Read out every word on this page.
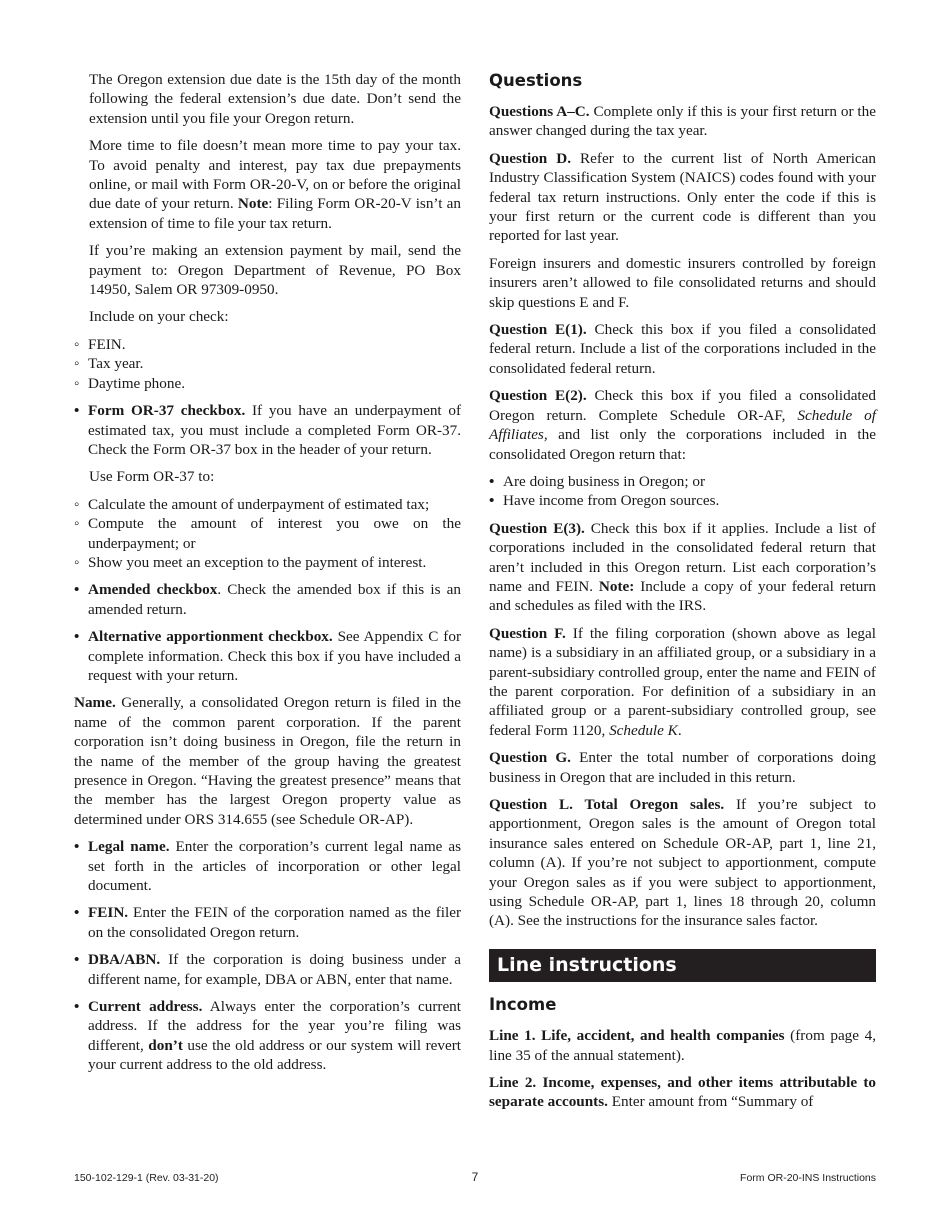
The Oregon extension due date is the 15th day of the month following the federal extension’s due date. Don’t send the extension until you file your Oregon return.

More time to file doesn’t mean more time to pay your tax. To avoid penalty and interest, pay tax due prepayments online, or mail with Form OR-20-V, on or before the original due date of your return. Note: Filing Form OR-20-V isn’t an extension of time to file your tax return.

If you’re making an extension payment by mail, send the payment to: Oregon Department of Revenue, PO Box 14950, Salem OR 97309-0950.

Include on your check:

◦ FEIN.
◦ Tax year.
◦ Daytime phone.
• Form OR-37 checkbox. If you have an underpayment of estimated tax, you must include a completed Form OR-37. Check the Form OR-37 box in the header of your return.

Use Form OR-37 to:

◦ Calculate the amount of underpayment of estimated tax;
◦ Compute the amount of interest you owe on the underpayment; or
◦ Show you meet an exception to the payment of interest.
• Amended checkbox. Check the amended box if this is an amended return.
• Alternative apportionment checkbox. See Appendix C for complete information. Check this box if you have included a request with your return.

Name. Generally, a consolidated Oregon return is filed in the name of the common parent corporation. If the parent corporation isn’t doing business in Oregon, file the return in the name of the member of the group having the greatest presence in Oregon. “Having the greatest presence” means that the member has the largest Oregon property value as determined under ORS 314.655 (see Schedule OR-AP).

• Legal name. Enter the corporation’s current legal name as set forth in the articles of incorporation or other legal document.
• FEIN. Enter the FEIN of the corporation named as the filer on the consolidated Oregon return.
• DBA/ABN. If the corporation is doing business under a different name, for example, DBA or ABN, enter that name.
• Current address. Always enter the corporation’s current address. If the address for the year you’re filing was different, don’t use the old address or our system will revert your current address to the old address.
Questions

Questions A–C. Complete only if this is your first return or the answer changed during the tax year.

Question D. Refer to the current list of North American Industry Classification System (NAICS) codes found with your federal tax return instructions. Only enter the code if this is your first return or the current code is different than you reported for last year.

Foreign insurers and domestic insurers controlled by foreign insurers aren’t allowed to file consolidated returns and should skip questions E and F.

Question E(1). Check this box if you filed a consolidated federal return. Include a list of the corporations included in the consolidated federal return.

Question E(2). Check this box if you filed a consolidated Oregon return. Complete Schedule OR-AF, Schedule of Affiliates, and list only the corporations included in the consolidated Oregon return that:

• Are doing business in Oregon; or
• Have income from Oregon sources.

Question E(3). Check this box if it applies. Include a list of corporations included in the consolidated federal return that aren’t included in this Oregon return. List each corporation’s name and FEIN. Note: Include a copy of your federal return and schedules as filed with the IRS.

Question F. If the filing corporation (shown above as legal name) is a subsidiary in an affiliated group, or a subsidiary in a parent-subsidiary controlled group, enter the name and FEIN of the parent corporation. For definition of a subsidiary in an affiliated group or a parent-subsidiary controlled group, see federal Form 1120, Schedule K.

Question G. Enter the total number of corporations doing business in Oregon that are included in this return.

Question L. Total Oregon sales. If you’re subject to apportionment, Oregon sales is the amount of Oregon total insurance sales entered on Schedule OR-AP, part 1, line 21, column (A). If you’re not subject to apportionment, compute your Oregon sales as if you were subject to apportionment, using Schedule OR-AP, part 1, lines 18 through 20, column (A). See the instructions for the insurance sales factor.

Line instructions
Income

Line 1. Life, accident, and health companies (from page 4, line 35 of the annual statement).

Line 2. Income, expenses, and other items attributable to separate accounts. Enter amount from “Summary of

150-102-129-1 (Rev. 03-31-20)	7	Form OR-20-INS Instructions
